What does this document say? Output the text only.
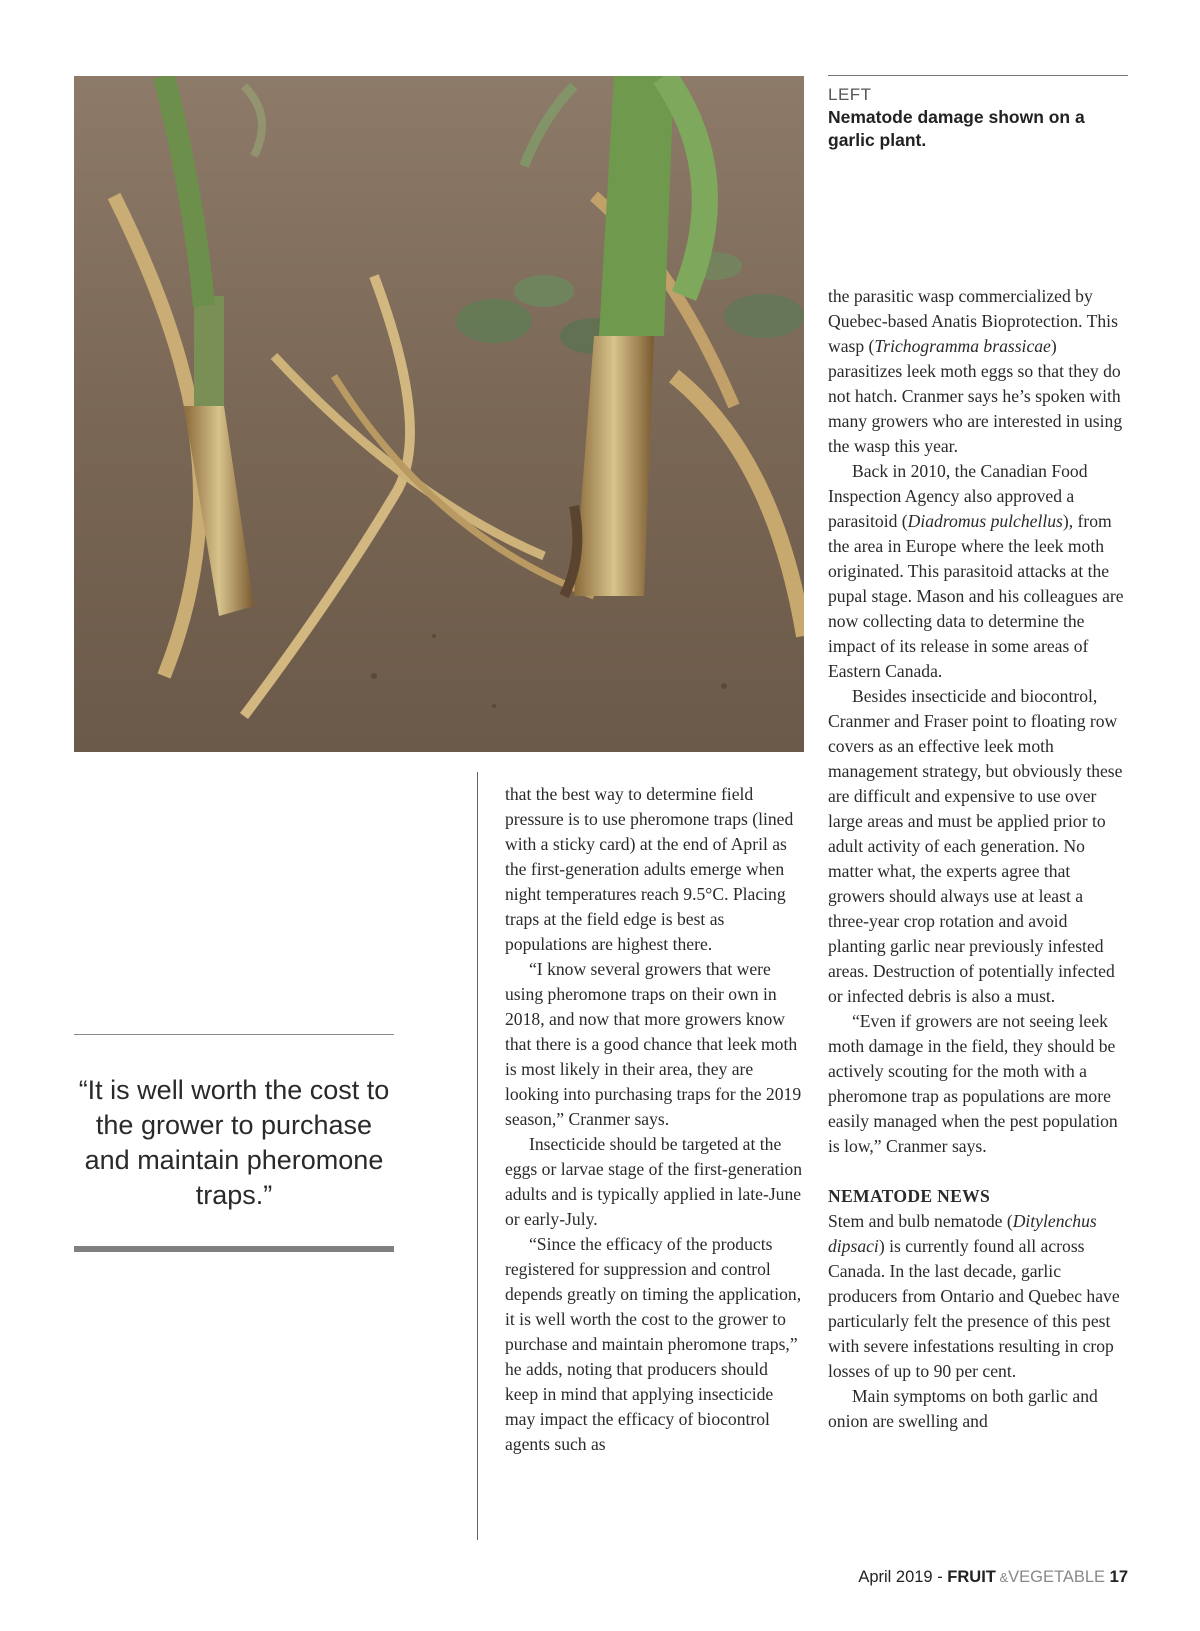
LEFT
Nematode damage shown on a garlic plant.
“It is well worth the cost to the grower to purchase and maintain pheromone traps.”

that the best way to determine field pressure is to use pheromone traps (lined with a sticky card) at the end of April as the first-generation adults emerge when night temperatures reach 9.5°C. Placing traps at the field edge is best as populations are highest there.

“I know several growers that were using pheromone traps on their own in 2018, and now that more growers know that there is a good chance that leek moth is most likely in their area, they are looking into purchasing traps for the 2019 season,” Cranmer says.

Insecticide should be targeted at the eggs or larvae stage of the first-generation adults and is typically applied in late-June or early-July.

“Since the efficacy of the products registered for suppression and control depends greatly on timing the application, it is well worth the cost to the grower to purchase and maintain pheromone traps,” he adds, noting that producers should keep in mind that applying insecticide may impact the efficacy of biocontrol agents such as

the parasitic wasp commercialized by Quebec-based Anatis Bioprotection. This wasp (Trichogramma brassicae) parasitizes leek moth eggs so that they do not hatch. Cranmer says he’s spoken with many growers who are interested in using the wasp this year.

Back in 2010, the Canadian Food Inspection Agency also approved a parasitoid (Diadromus pulchellus), from the area in Europe where the leek moth originated. This parasitoid attacks at the pupal stage. Mason and his colleagues are now collecting data to determine the impact of its release in some areas of Eastern Canada.

Besides insecticide and biocontrol, Cranmer and Fraser point to floating row covers as an effective leek moth management strategy, but obviously these are difficult and expensive to use over large areas and must be applied prior to adult activity of each generation. No matter what, the experts agree that growers should always use at least a three-year crop rotation and avoid planting garlic near previously infested areas. Destruction of potentially infected or infected debris is also a must.

“Even if growers are not seeing leek moth damage in the field, they should be actively scouting for the moth with a pheromone trap as populations are more easily managed when the pest population is low,” Cranmer says.

NEMATODE NEWS

Stem and bulb nematode (Ditylenchus dipsaci) is currently found all across Canada. In the last decade, garlic producers from Ontario and Quebec have particularly felt the presence of this pest with severe infestations resulting in crop losses of up to 90 per cent.

Main symptoms on both garlic and onion are swelling and

April 2019 - FRUIT &VEGETABLE 17
